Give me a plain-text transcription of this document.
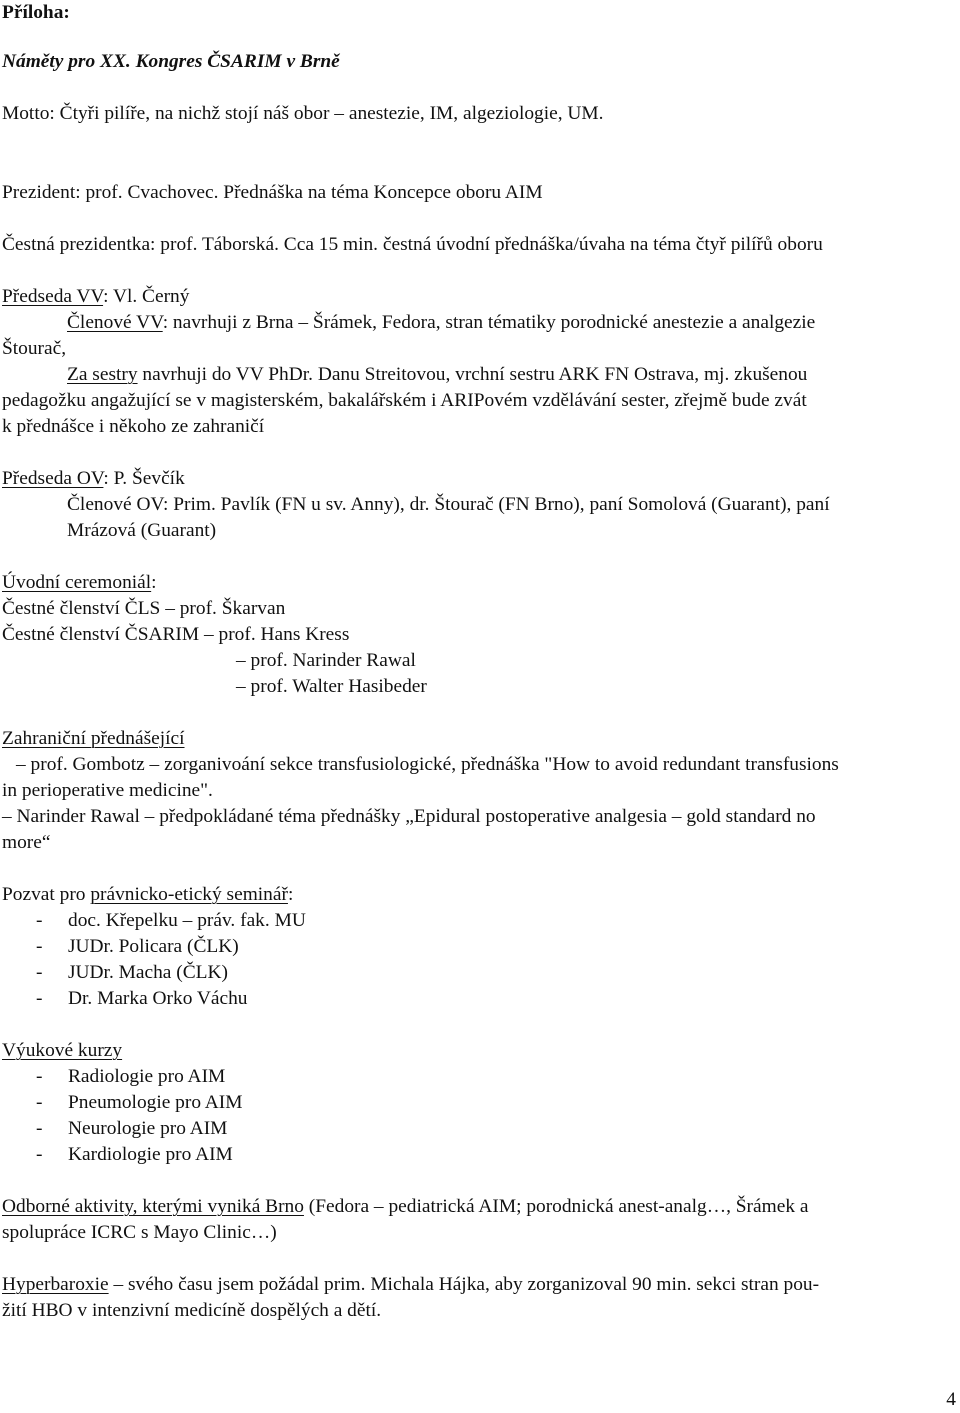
Příloha:
Náměty pro XX. Kongres ČSARIM v Brně
Motto: Čtyři pilíře, na nichž stojí náš obor – anestezie, IM, algeziologie, UM.
Prezident: prof. Cvachovec. Přednáška na téma Koncepce oboru AIM
Čestná prezidentka: prof. Táborská. Cca 15 min. čestná úvodní přednáška/úvaha na téma čtyř pilířů oboru
Předseda VV: Vl. Černý
Členové VV: navrhuji z Brna – Šrámek, Fedora, stran tématiky porodnické anestezie a analgezie
Štourač,
Za sestry navrhuji do VV PhDr. Danu Streitovou, vrchní sestru ARK FN Ostrava, mj. zkušenou
pedagožku angažující se v magisterském, bakalářském i ARIPovém vzdělávání sester, zřejmě bude zvát
k přednášce i někoho ze zahraničí
Předseda OV: P. Ševčík
Členové OV: Prim. Pavlík (FN u sv. Anny), dr. Štourač (FN Brno), paní Somolová (Guarant), paní
Mrázová (Guarant)
Úvodní ceremoniál:
Čestné členství ČLS – prof. Škarvan
Čestné členství ČSARIM – prof. Hans Kress
– prof. Narinder Rawal
– prof. Walter Hasibeder
Zahraniční přednášející
– prof. Gombotz – zorganivoání sekce transfusiologické, přednáška "How to avoid redundant transfusions
in perioperative medicine".
– Narinder Rawal – předpokládané téma přednášky „Epidural postoperative analgesia – gold standard no
more“
Pozvat pro právnicko-etický seminář:
- doc. Křepelku – práv. fak. MU
- JUDr. Policara (ČLK)
- JUDr. Macha (ČLK)
- Dr. Marka Orko Váchu
Výukové kurzy
- Radiologie pro AIM
- Pneumologie pro AIM
- Neurologie pro AIM
- Kardiologie pro AIM
Odborné aktivity, kterými vyniká Brno (Fedora – pediatrická AIM; porodnická anest-analg…, Šrámek a
spolupráce ICRC s Mayo Clinic…)
Hyperbaroxie – svého času jsem požádal prim. Michala Hájka, aby zorganizoval 90 min. sekci stran pou-
žití HBO v intenzivní medicíně dospělých a dětí.
4
